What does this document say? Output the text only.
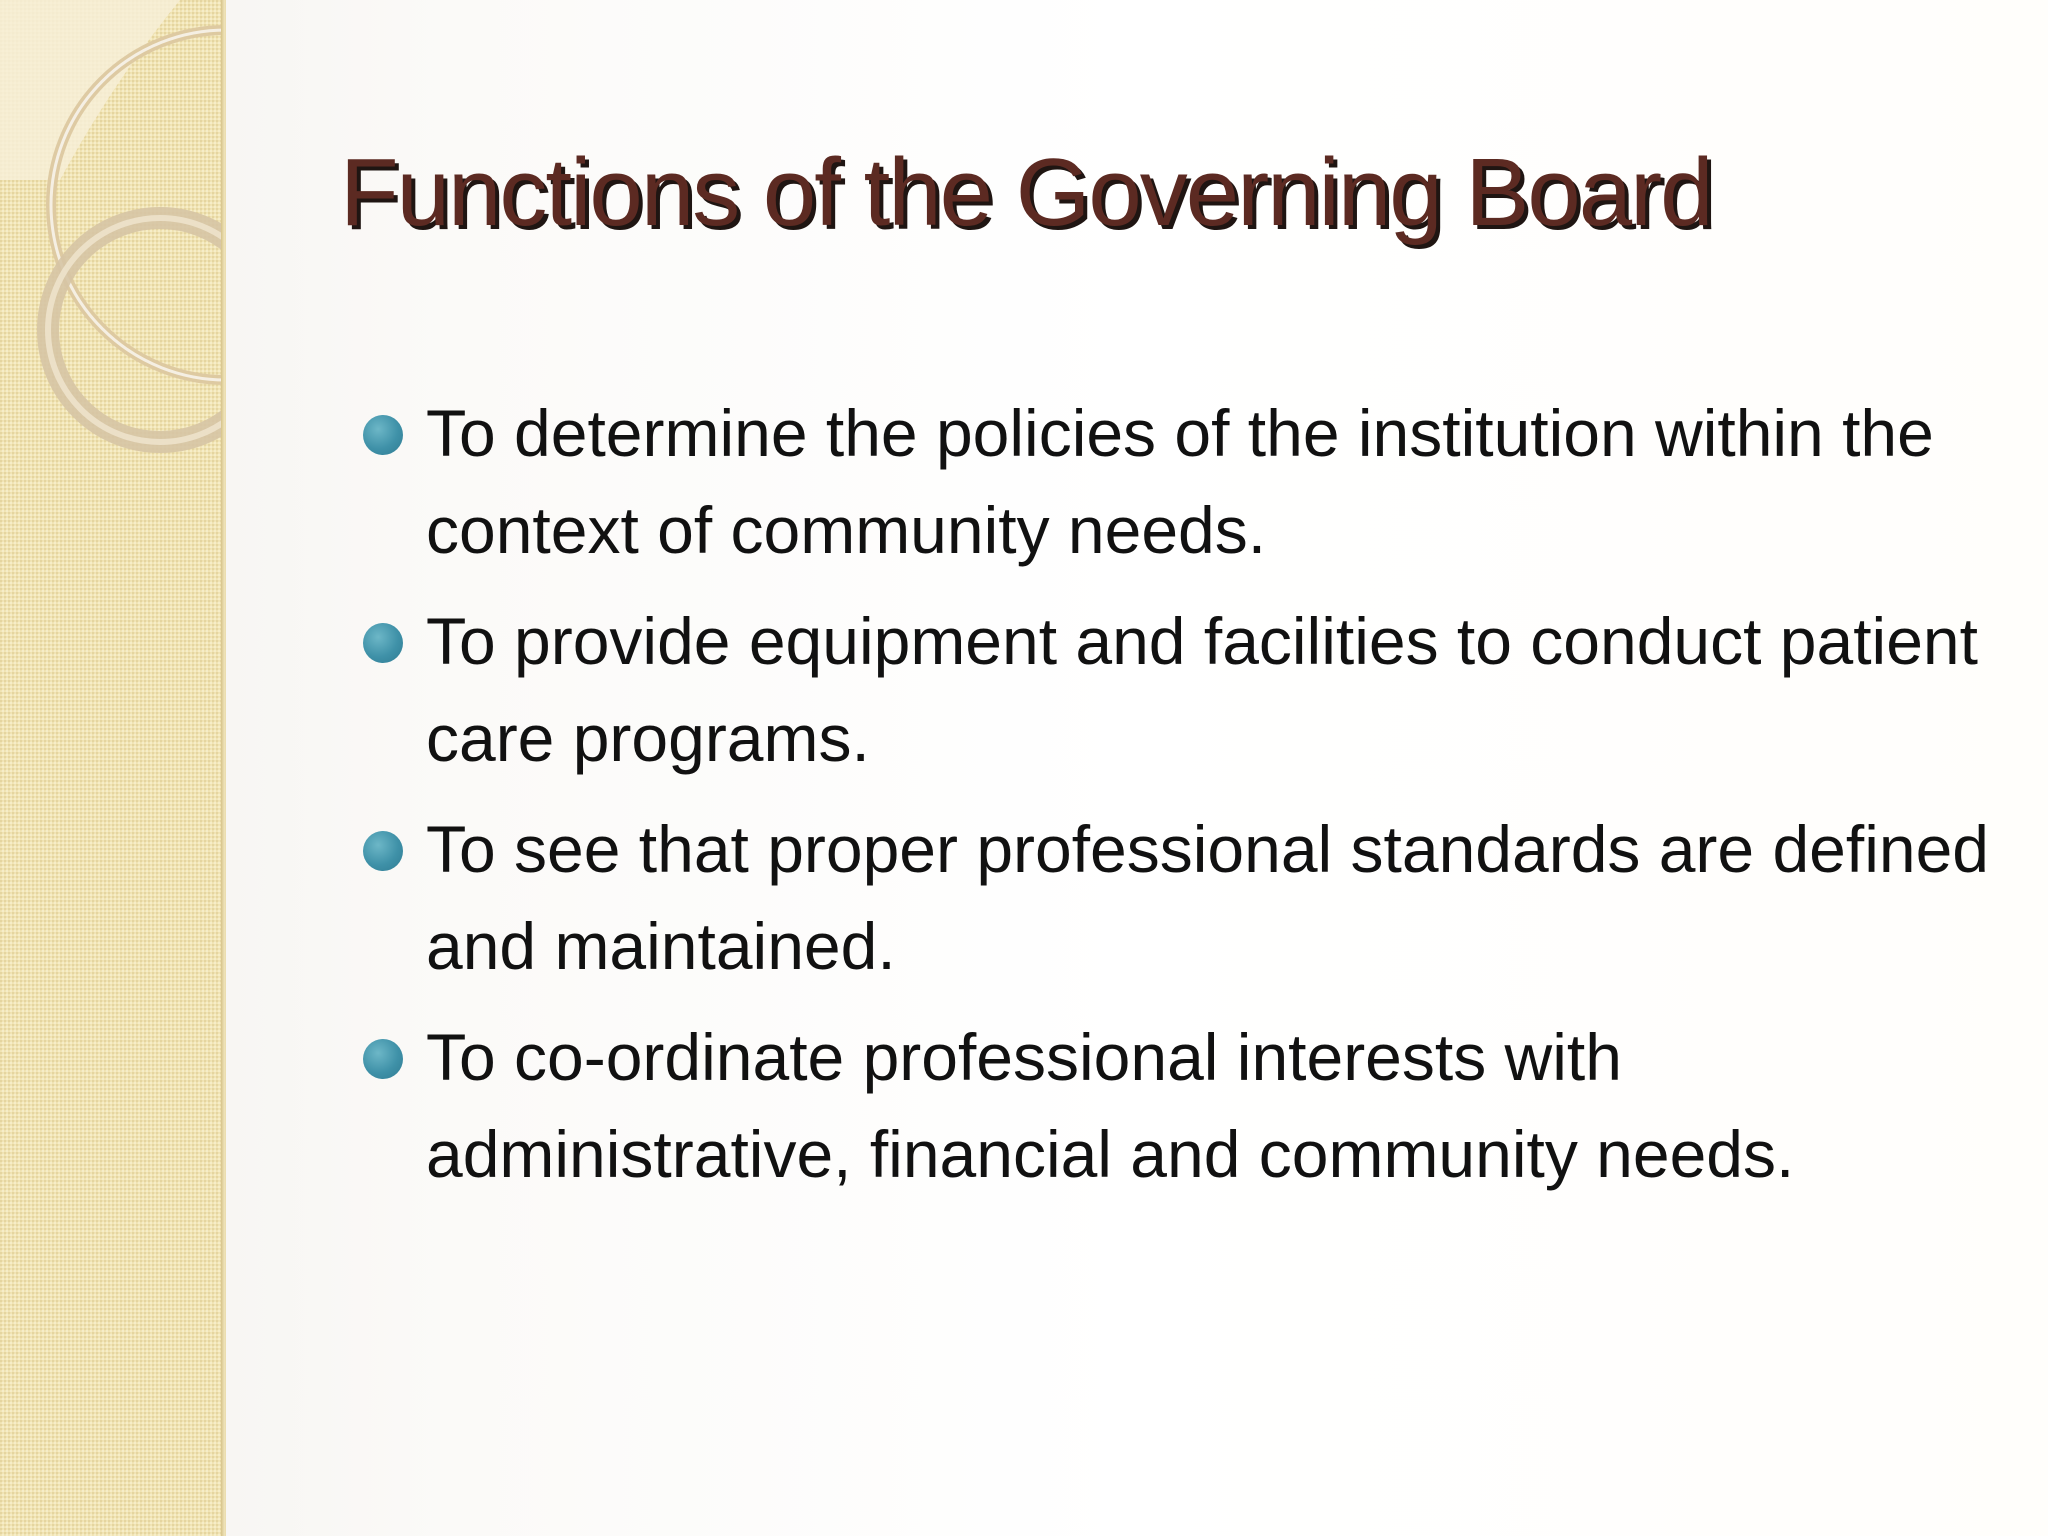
Functions of the Governing Board
To determine the policies of the institution within the context of community needs.
To provide equipment and facilities to conduct patient care programs.
To see that proper professional standards are defined and maintained.
To co-ordinate professional interests with administrative, financial and community needs.
